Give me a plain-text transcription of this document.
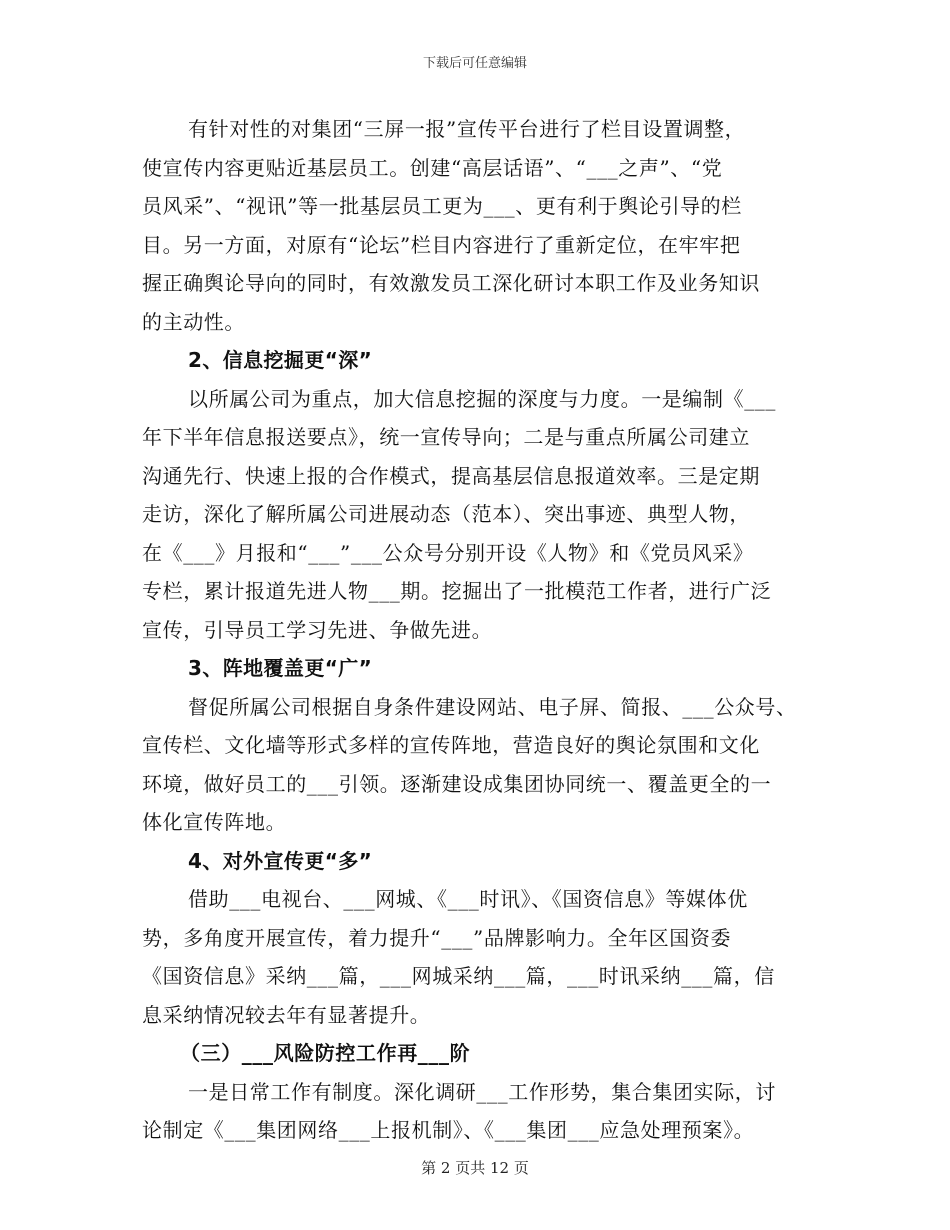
下载后可任意编辑
有针对性的对集团“三屏一报”宣传平台进行了栏目设置调整，
使宣传内容更贴近基层员工。创建“高层话语”、“___之声”、“党
员风采”、“视讯”等一批基层员工更为___、更有利于舆论引导的栏
目。另一方面，对原有“论坛”栏目内容进行了重新定位，在牢牢把
握正确舆论导向的同时，有效激发员工深化研讨本职工作及业务知识
的主动性。
2、信息挖掘更“深”
以所属公司为重点，加大信息挖掘的深度与力度。一是编制《___
年下半年信息报送要点》，统一宣传导向；二是与重点所属公司建立
沟通先行、快速上报的合作模式，提高基层信息报道效率。三是定期
走访，深化了解所属公司进展动态（范本）、突出事迹、典型人物，
在《___》月报和“___”___公众号分别开设《人物》和《党员风采》
专栏，累计报道先进人物___期。挖掘出了一批模范工作者，进行广泛
宣传，引导员工学习先进、争做先进。
3、阵地覆盖更“广”
督促所属公司根据自身条件建设网站、电子屏、简报、___公众号、
宣传栏、文化墙等形式多样的宣传阵地，营造良好的舆论氛围和文化
环境，做好员工的___引领。逐渐建设成集团协同统一、覆盖更全的一
体化宣传阵地。
4、对外宣传更“多”
借助___电视台、___网城、《___时讯》、《国资信息》等媒体优
势，多角度开展宣传，着力提升“___”品牌影响力。全年区国资委
《国资信息》采纳___篇，___网城采纳___篇，___时讯采纳___篇，信
息采纳情况较去年有显著提升。
（三）___风险防控工作再___阶
一是日常工作有制度。深化调研___工作形势，集合集团实际，讨
论制定《___集团网络___上报机制》、《___集团___应急处理预案》。
第 2 页共 12 页
